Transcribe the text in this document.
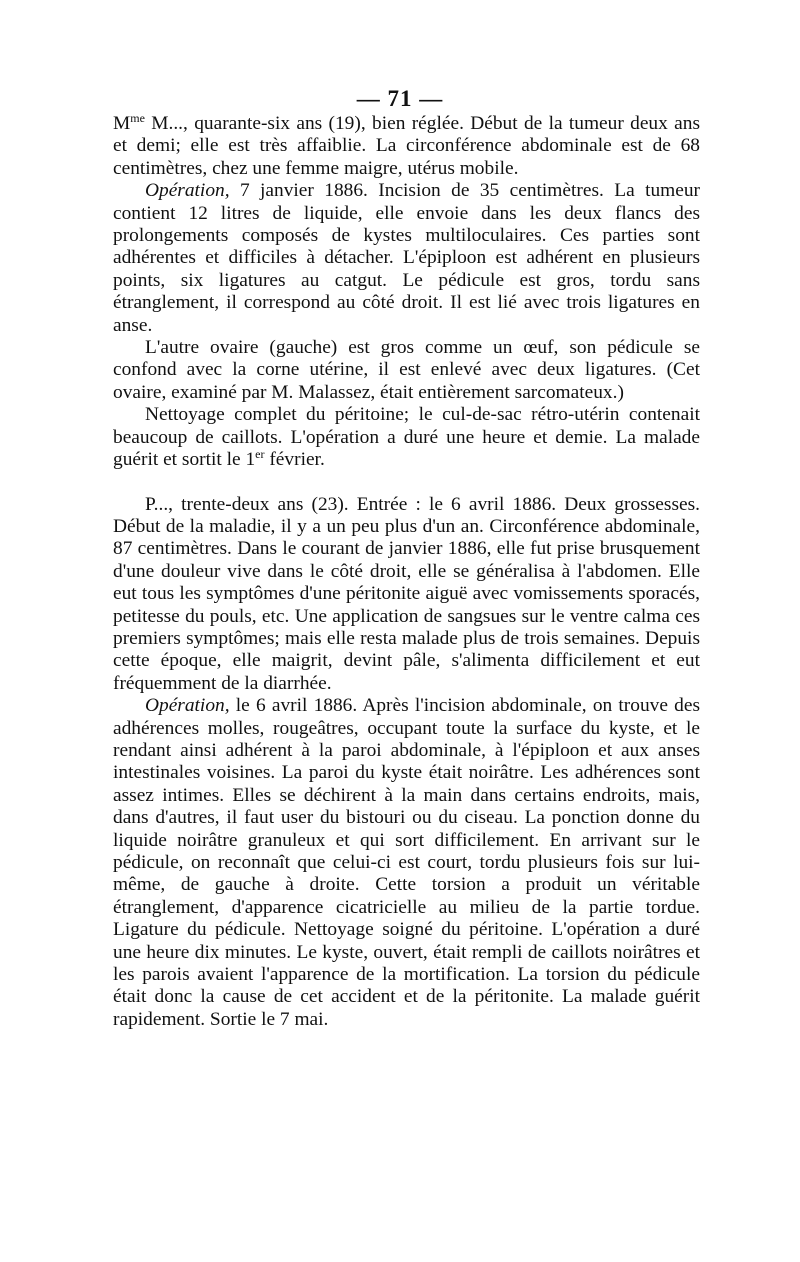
— 71 —

$M^{me}$ M..., quarante-six ans (19), bien réglée. Début de la tumeur deux ans et demi; elle est très affaiblie. La circonférence abdominale est de 68 centimètres, chez une femme maigre, utérus mobile.

Opération, 7 janvier 1886. Incision de 35 centimètres. La tumeur contient 12 litres de liquide, elle envoie dans les deux flancs des prolongements composés de kystes multiloculaires. Ces parties sont adhérentes et difficiles à détacher. L'épiploon est adhérent en plusieurs points, six ligatures au catgut. Le pédicule est gros, tordu sans étranglement, il correspond au côté droit. Il est lié avec trois ligatures en anse.

L'autre ovaire (gauche) est gros comme un œuf, son pédicule se confond avec la corne utérine, il est enlevé avec deux ligatures. (Cet ovaire, examiné par M. Malassez, était entièrement sarcomateux.)

Nettoyage complet du péritoine; le cul-de-sac rétro-utérin contenait beaucoup de caillots. L'opération a duré une heure et demie. La malade guérit et sortit le 1er février.

P..., trente-deux ans (23). Entrée : le 6 avril 1886. Deux grossesses. Début de la maladie, il y a un peu plus d'un an. Circonférence abdominale, 87 centimètres. Dans le courant de janvier 1886, elle fut prise brusquement d'une douleur vive dans le côté droit, elle se généralisa à l'abdomen. Elle eut tous les symptômes d'une péritonite aiguë avec vomissements sporacés, petitesse du pouls, etc. Une application de sangsues sur le ventre calma ces premiers symptômes; mais elle resta malade plus de trois semaines. Depuis cette époque, elle maigrit, devint pâle, s'alimenta difficilement et eut fréquemment de la diarrhée.

Opération, le 6 avril 1886. Après l'incision abdominale, on trouve des adhérences molles, rougeâtres, occupant toute la surface du kyste, et le rendant ainsi adhérent à la paroi abdominale, à l'épiploon et aux anses intestinales voisines. La paroi du kyste était noirâtre. Les adhérences sont assez intimes. Elles se déchirent à la main dans certains endroits, mais, dans d'autres, il faut user du bistouri ou du ciseau. La ponction donne du liquide noirâtre granuleux et qui sort difficilement. En arrivant sur le pédicule, on reconnaît que celui-ci est court, tordu plusieurs fois sur lui-même, de gauche à droite. Cette torsion a produit un véritable étranglement, d'apparence cicatricielle au milieu de la partie tordue. Ligature du pédicule. Nettoyage soigné du péritoine. L'opération a duré une heure dix minutes. Le kyste, ouvert, était rempli de caillots noirâtres et les parois avaient l'apparence de la mortification. La torsion du pédicule était donc la cause de cet accident et de la péritonite. La malade guérit rapidement. Sortie le 7 mai.
